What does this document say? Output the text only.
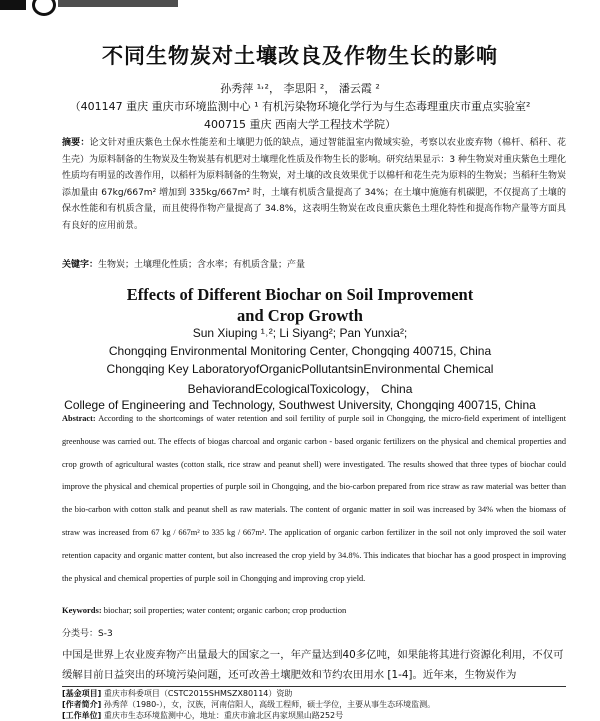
不同生物炭对土壤改良及作物生长的影响
孙秀萍 ¹˒²， 李思阳 ²， 潘云霞 ²
（401147 重庆 重庆市环境监测中心 ¹ 有机污染物环境化学行为与生态毒理重庆市重点实验室²
400715 重庆 西南大学工程技术学院）
摘要：论文针对重庆紫色土保水性能差和土壤肥力低的缺点，通过智能温室内微域实验，考察以农业废弃物（棉杆、稻秆、花生壳）为原料制备的生物炭及生物炭基有机肥对土壤理化性质及作物生长的影响。研究结果显示：3 种生物炭对重庆紫色土理化性质均有明显的改善作用，以稻杆为原料制备的生物炭，对土壤的改良效果优于以棉杆和花生壳为原料的生物炭；当稻秆生物炭添加量由 67kg/667m² 增加到 335kg/667m² 时，土壤有机质含量提高了 34%；在土壤中施施有机碳肥，不仅提高了土壤的保水性能和有机质含量，而且使得作物产量提高了 34.8%，这表明生物炭在改良重庆紫色土理化特性和提高作物产量等方面具有良好的应用前景。
关键字：生物炭；土壤理化性质；含水率；有机质含量；产量
Effects of Different Biochar on Soil Improvement
and Crop Growth
Sun Xiuping ¹˒²; Li Siyang²; Pan Yunxia²;
Chongqing Environmental Monitoring Center, Chongqing 400715, China
Chongqing Key LaboratoryofOrganicPollutantsinEnvironmental Chemical
BehaviorandEcologicalToxicology， China
College of Engineering and Technology, Southwest University, Chongqing 400715, China
Abstract: According to the shortcomings of water retention and soil fertility of purple soil in Chongqing, the micro-field experiment of intelligent greenhouse was carried out. The effects of biogas charcoal and organic carbon - based organic fertilizers on the physical and chemical properties and crop growth of agricultural wastes (cotton stalk, rice straw and peanut shell) were investigated. The results showed that three types of biochar could improve the physical and chemical properties of purple soil in Chongqing, and the bio-carbon prepared from rice straw as raw material was better than the bio-carbon with cotton stalk and peanut shell as raw materials. The content of organic matter in soil was increased by 34% when the biomass of straw was increased from 67 kg / 667m² to 335 kg / 667m². The application of organic carbon fertilizer in the soil not only improved the soil water retention capacity and organic matter content, but also increased the crop yield by 34.8%. This indicates that biochar has a good prospect in improving the physical and chemical properties of purple soil in Chongqing and improving crop yield.
Keywords: biochar; soil properties; water content; organic carbon; crop production
分类号：S-3
中国是世界上农业废弃物产出量最大的国家之一，年产量达到40多亿吨，如果能将其进行资源化利用，不仅可缓解目前日益突出的环境污染问题，还可改善土壤肥效和节约农田用水 [1-4]。近年来，生物炭作为
[基金项目] 重庆市科委项目（CSTC2015SHMSZX80114）资助
[作者简介] 孙秀萍（1980-），女，汉族，河南信阳人，高级工程师，硕士学位，主要从事生态环境监测。
[工作单位] 重庆市生态环境监测中心，地址：重庆市渝北区冉家坝黑山路252号
